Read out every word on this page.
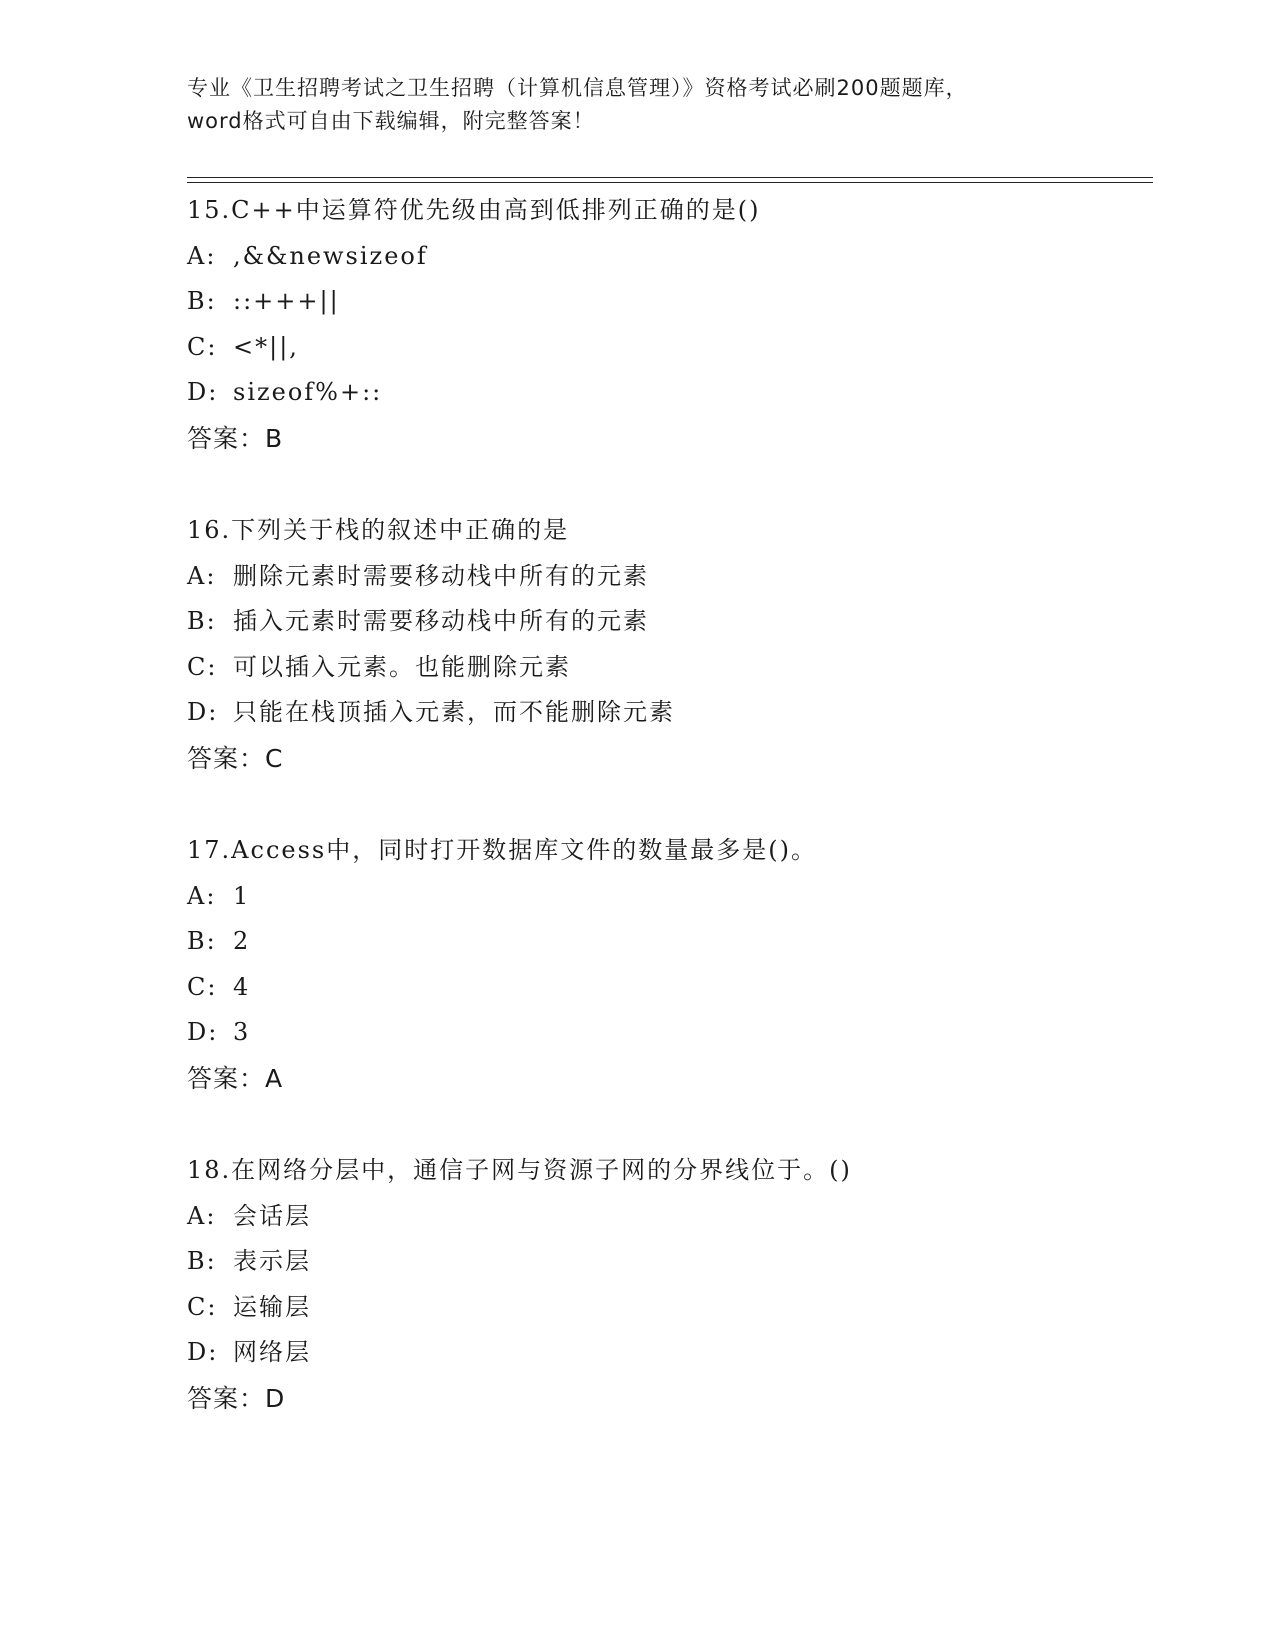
专业《卫生招聘考试之卫生招聘（计算机信息管理）》资格考试必刷200题题库，
word格式可自由下载编辑，附完整答案！
15.C++中运算符优先级由高到低排列正确的是()
A: ,&&newsizeof
B: ::+++||
C: <*||,
D: sizeof%+::
答案：B
16.下列关于栈的叙述中正确的是
A: 删除元素时需要移动栈中所有的元素
B: 插入元素时需要移动栈中所有的元素
C: 可以插入元素。也能删除元素
D: 只能在栈顶插入元素，而不能删除元素
答案：C
17.Access中，同时打开数据库文件的数量最多是()。
A: 1
B: 2
C: 4
D: 3
答案：A
18.在网络分层中，通信子网与资源子网的分界线位于。()
A: 会话层
B: 表示层
C: 运输层
D: 网络层
答案：D
